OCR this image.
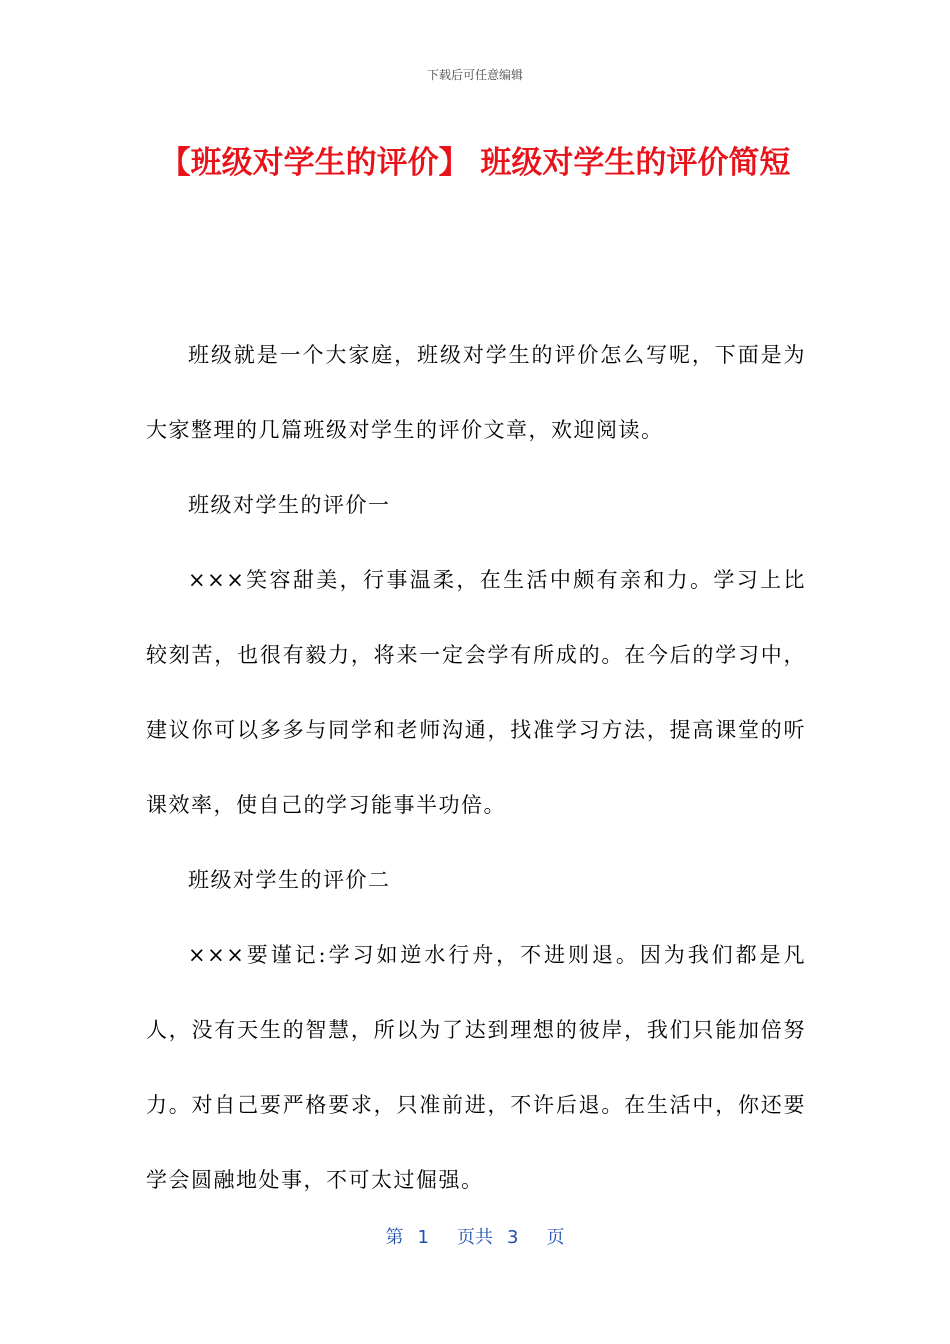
下载后可任意编辑
【班级对学生的评价】 班级对学生的评价简短

班级就是一个大家庭，班级对学生的评价怎么写呢，下面是为大家整理的几篇班级对学生的评价文章，欢迎阅读。

班级对学生的评价一

×××笑容甜美，行事温柔，在生活中颇有亲和力。学习上比较刻苦，也很有毅力，将来一定会学有所成的。在今后的学习中，建议你可以多多与同学和老师沟通，找准学习方法，提高课堂的听课效率，使自己的学习能事半功倍。

班级对学生的评价二

×××要谨记:学习如逆水行舟，不进则退。因为我们都是凡人，没有天生的智慧，所以为了达到理想的彼岸，我们只能加倍努力。对自己要严格要求，只准前进，不许后退。在生活中，你还要学会圆融地处事，不可太过倔强。

第 1 页共 3 页
